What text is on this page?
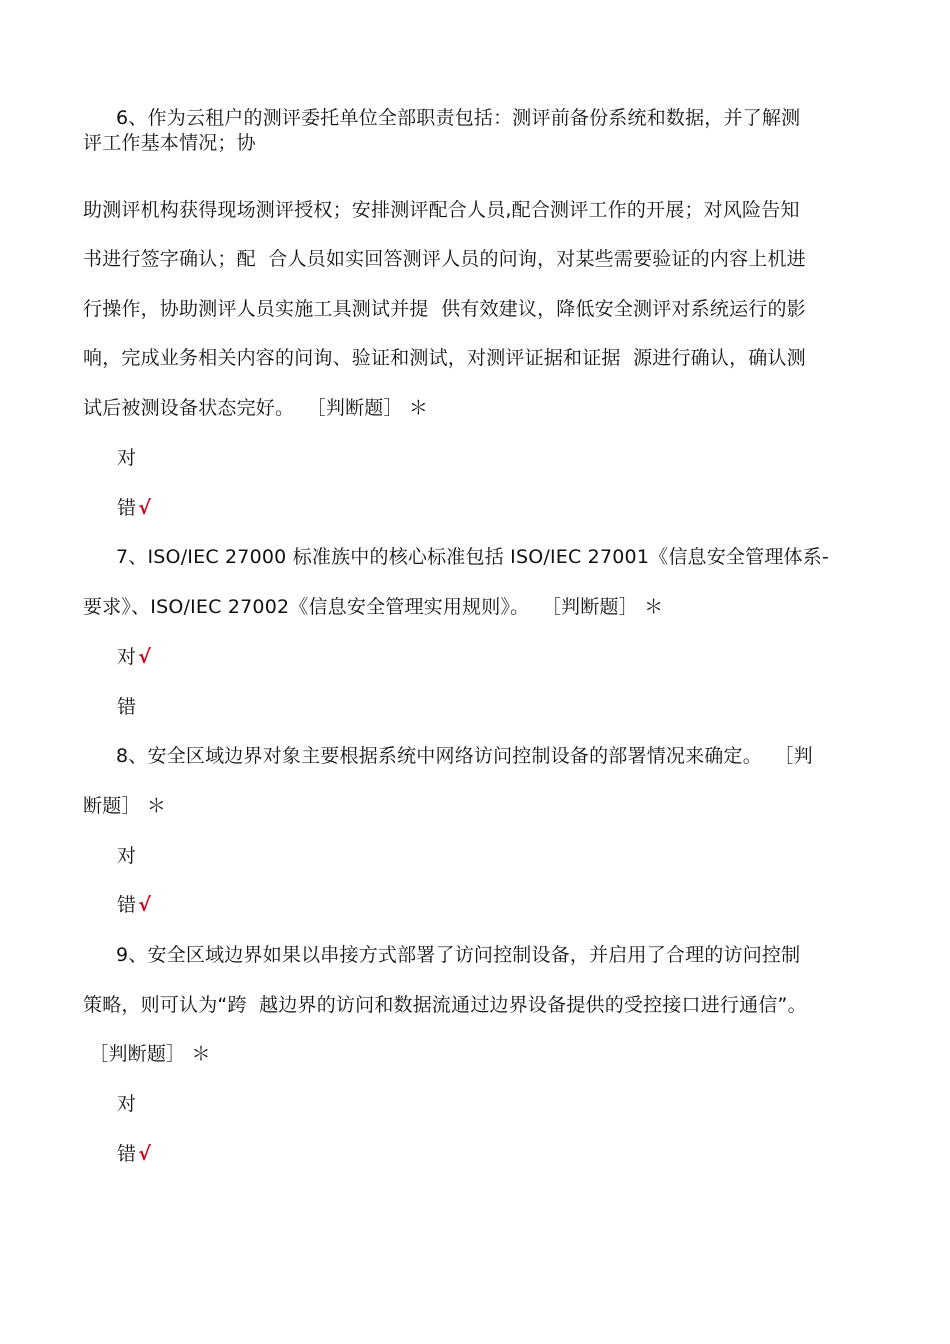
6、作为云租户的测评委托单位全部职责包括：测评前备份系统和数据，并了解测
评工作基本情况；协
助测评机构获得现场测评授权；安排测评配合人员,配合测评工作的开展；对风险告知
书进行签字确认；配  合人员如实回答测评人员的问询，对某些需要验证的内容上机进
行操作，协助测评人员实施工具测试并提  供有效建议，降低安全测评对系统运行的影
响，完成业务相关内容的问询、验证和测试，对测评证据和证据  源进行确认，确认测
试后被测设备状态完好。  ［判断题］ ＊
对
错 √
7、ISO/IEC 27000 标准族中的核心标准包括 ISO/IEC 27001《信息安全管理体系-
要求》、ISO/IEC 27002《信息安全管理实用规则》。  ［判断题］ ＊
对 √
错
8、安全区域边界对象主要根据系统中网络访问控制设备的部署情况来确定。  ［判
断题］ ＊
对
错 √
9、安全区域边界如果以串接方式部署了访问控制设备，并启用了合理的访问控制
策略，则可认为“跨  越边界的访问和数据流通过边界设备提供的受控接口进行通信”。
［判断题］ ＊
对
错 √
